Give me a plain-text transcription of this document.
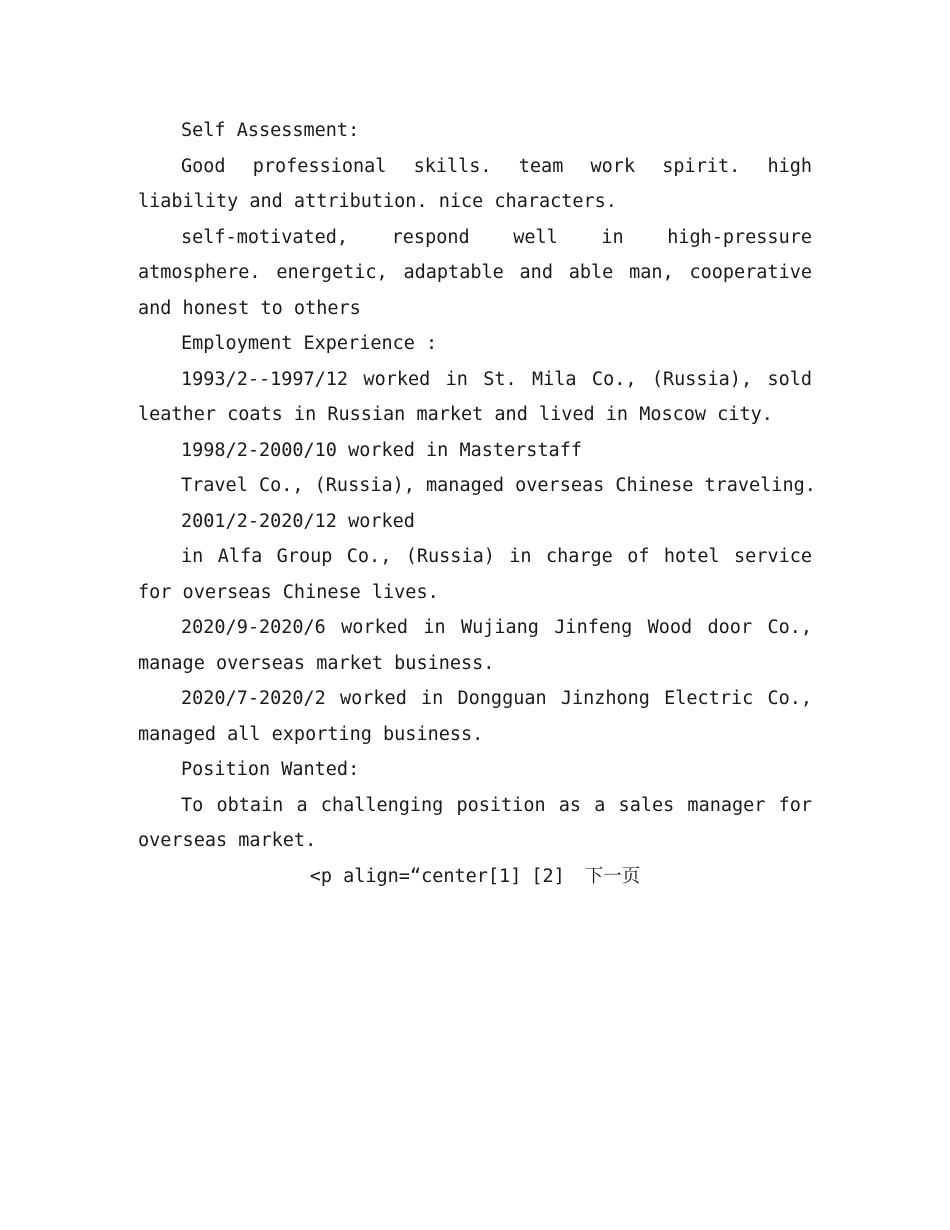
Self Assessment:

Good professional skills. team work spirit. high liability and attribution. nice characters.

self-motivated, respond well in high-pressure atmosphere. energetic, adaptable and able man, cooperative and honest to others

Employment Experience :

1993/2--1997/12 worked in St. Mila Co., (Russia), sold leather coats in Russian market and lived in Moscow city.

1998/2-2000/10 worked in Masterstaff

Travel Co., (Russia), managed overseas Chinese traveling.

2001/2-2020/12 worked

in Alfa Group Co., (Russia) in charge of hotel service for overseas Chinese lives.

2020/9-2020/6 worked in Wujiang Jinfeng Wood door Co., manage overseas market business.

2020/7-2020/2 worked in Dongguan Jinzhong Electric Co., managed all exporting business.

Position Wanted:

To obtain a challenging position as a sales manager for overseas market.

<p align=“center[1] [2] 下一页
